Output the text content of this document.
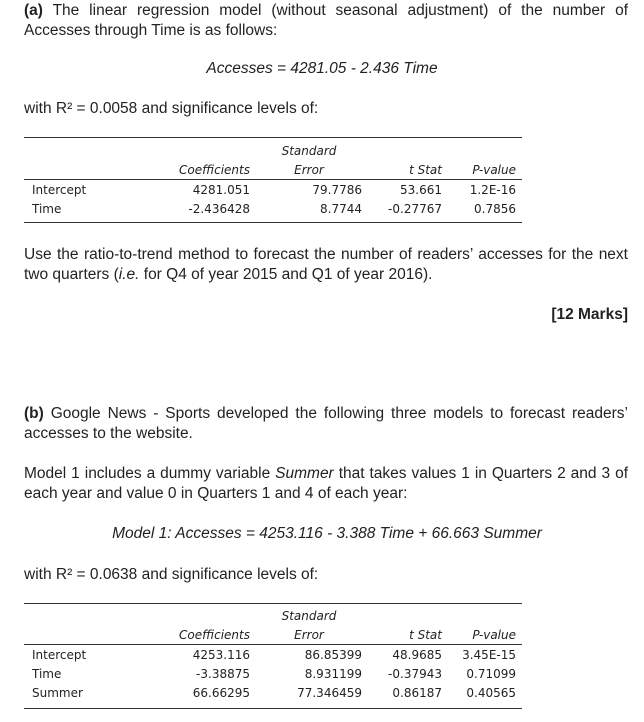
(a) The linear regression model (without seasonal adjustment) of the number of Accesses through Time is as follows:
Accesses = 4281.05 - 2.436 Time
with R² = 0.0058 and significance levels of:
		Standard		
	Coefficients	Error	t Stat	P-value
Intercept	4281.051	79.7786	53.661	1.2E-16
Time	-2.436428	8.7744	-0.27767	0.7856
Use the ratio-to-trend method to forecast the number of readers’ accesses for the next two quarters (i.e. for Q4 of year 2015 and Q1 of year 2016).
[12 Marks]
(b) Google News - Sports developed the following three models to forecast readers’ accesses to the website.
Model 1 includes a dummy variable Summer that takes values 1 in Quarters 2 and 3 of each year and value 0 in Quarters 1 and 4 of each year:
Model 1: Accesses = 4253.116 - 3.388 Time + 66.663 Summer
with R² = 0.0638 and significance levels of:
		Standard		
	Coefficients	Error	t Stat	P-value
Intercept	4253.116	86.85399	48.9685	3.45E-15
Time	-3.38875	8.931199	-0.37943	0.71099
Summer	66.66295	77.346459	0.86187	0.40565
